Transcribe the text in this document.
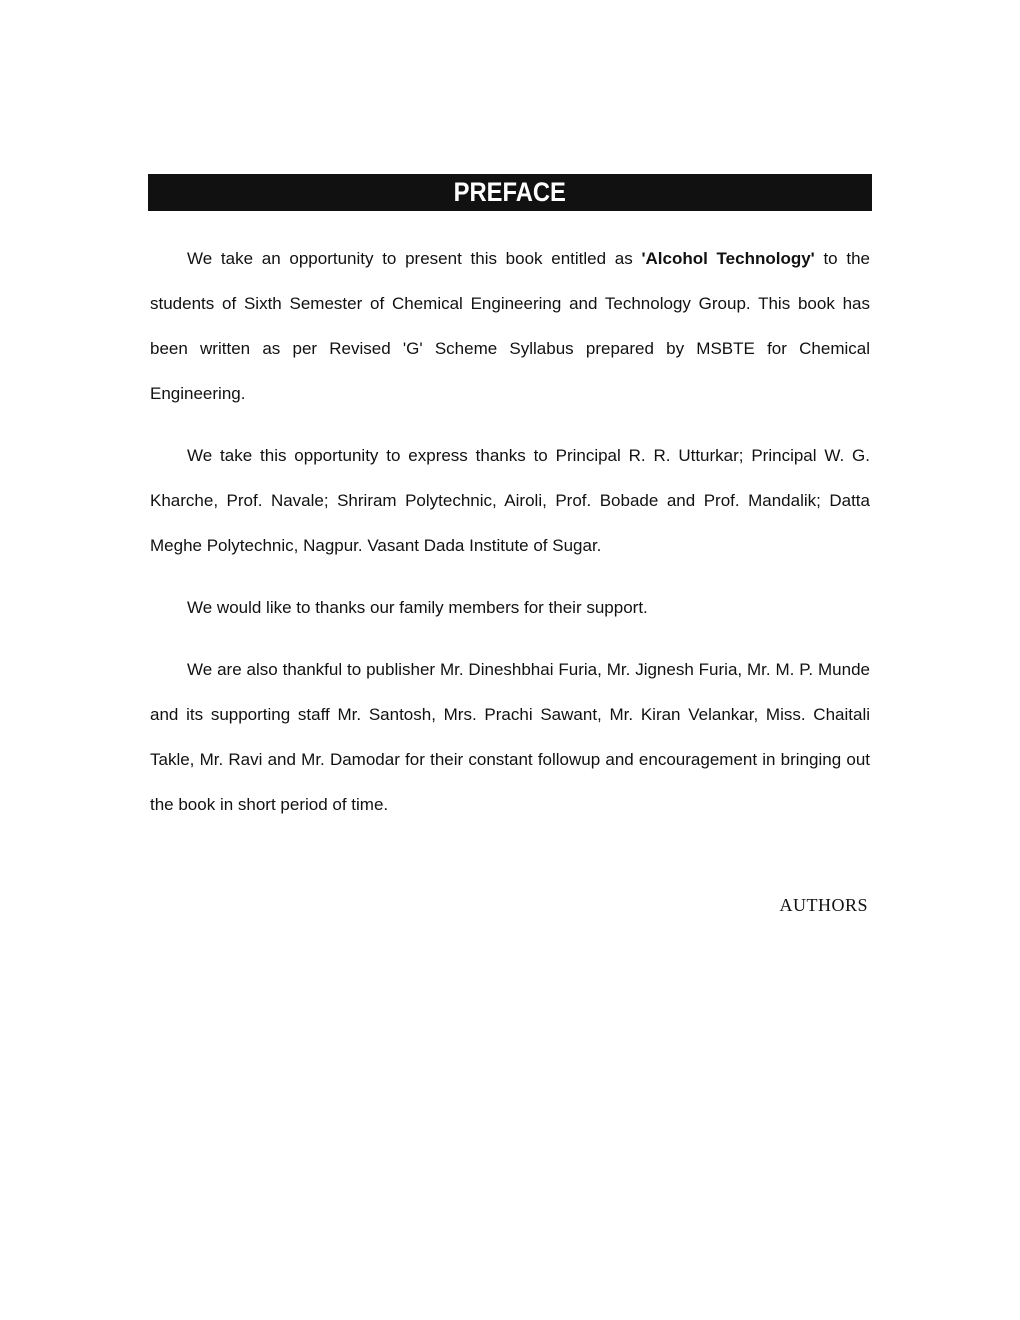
PREFACE

We take an opportunity to present this book entitled as 'Alcohol Technology' to the students of Sixth Semester of Chemical Engineering and Technology Group. This book has been written as per Revised 'G' Scheme Syllabus prepared by MSBTE for Chemical Engineering.

We take this opportunity to express thanks to Principal R. R. Utturkar; Principal W. G. Kharche, Prof. Navale; Shriram Polytechnic, Airoli, Prof. Bobade and Prof. Mandalik; Datta Meghe Polytechnic, Nagpur. Vasant Dada Institute of Sugar.

We would like to thanks our family members for their support.

We are also thankful to publisher Mr. Dineshbhai Furia, Mr. Jignesh Furia, Mr. M. P. Munde and its supporting staff Mr. Santosh, Mrs. Prachi Sawant, Mr. Kiran Velankar, Miss. Chaitali Takle, Mr. Ravi and Mr. Damodar for their constant followup and encouragement in bringing out the book in short period of time.

AUTHORS
